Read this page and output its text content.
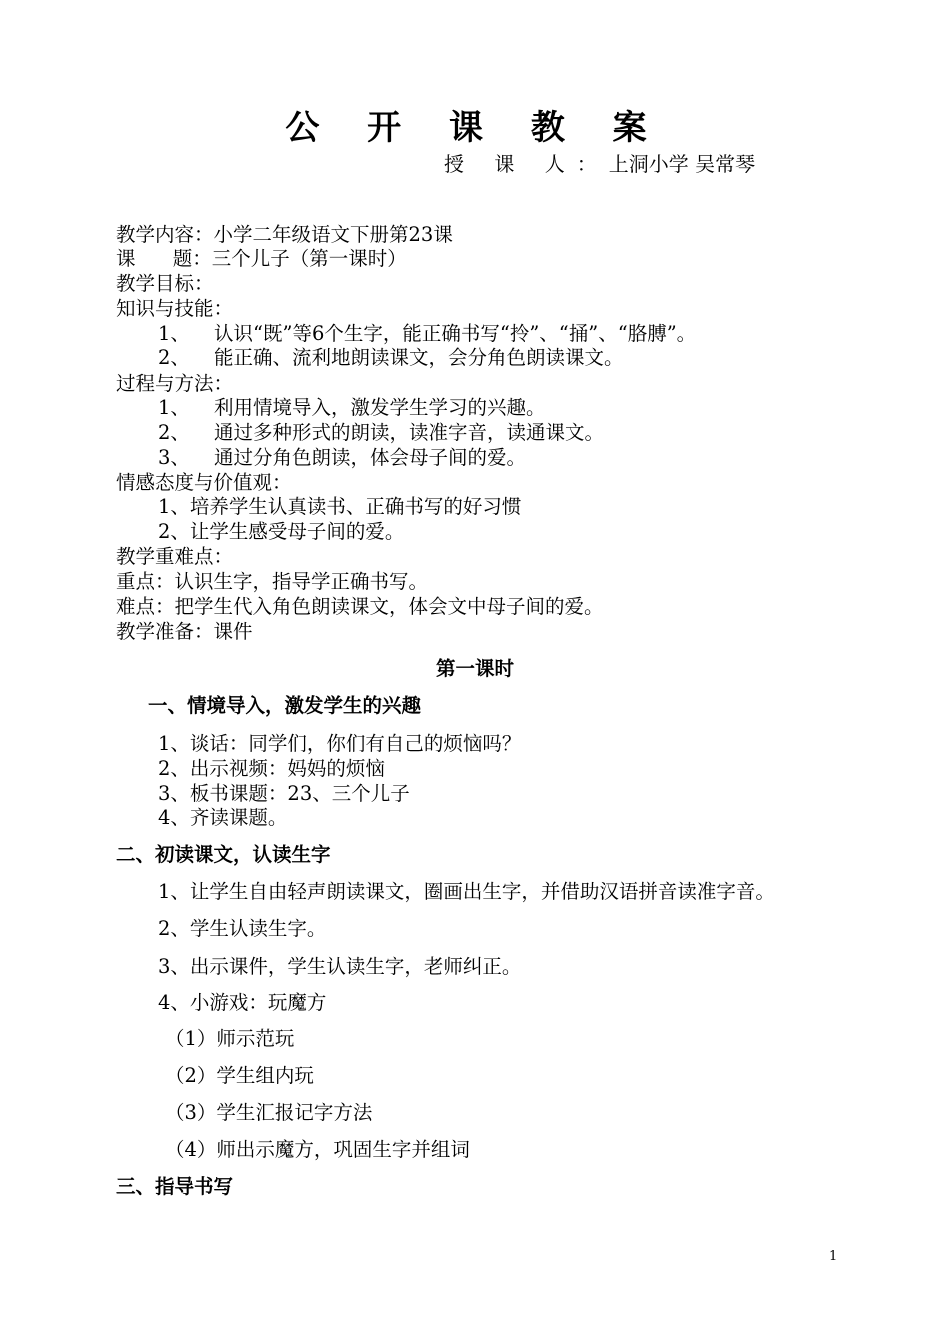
公 开 课 教 案
授 课 人：上洞小学 吴常琴
教学内容：小学二年级语文下册第23课
课      题：三个儿子（第一课时）
教学目标：
知识与技能：
1、 认识“既”等6个生字，能正确书写“拎”、“捅”、“胳膊”。
2、 能正确、流利地朗读课文，会分角色朗读课文。
过程与方法：
1、 利用情境导入，激发学生学习的兴趣。
2、 通过多种形式的朗读，读准字音，读通课文。
3、 通过分角色朗读，体会母子间的爱。
情感态度与价值观：
1、培养学生认真读书、正确书写的好习惯
2、让学生感受母子间的爱。
教学重难点：
重点：认识生字，指导学正确书写。
难点：把学生代入角色朗读课文，体会文中母子间的爱。
教学准备：课件
第一课时
一、情境导入，激发学生的兴趣
1、谈话：同学们，你们有自己的烦恼吗？
2、出示视频：妈妈的烦恼
3、板书课题：23、三个儿子
4、齐读课题。
二、初读课文，认读生字
1、让学生自由轻声朗读课文，圈画出生字，并借助汉语拼音读准字音。
2、学生认读生字。
3、出示课件，学生认读生字，老师纠正。
4、小游戏：玩魔方
（1）师示范玩
（2）学生组内玩
（3）学生汇报记字方法
（4）师出示魔方，巩固生字并组词
三、指导书写
1
